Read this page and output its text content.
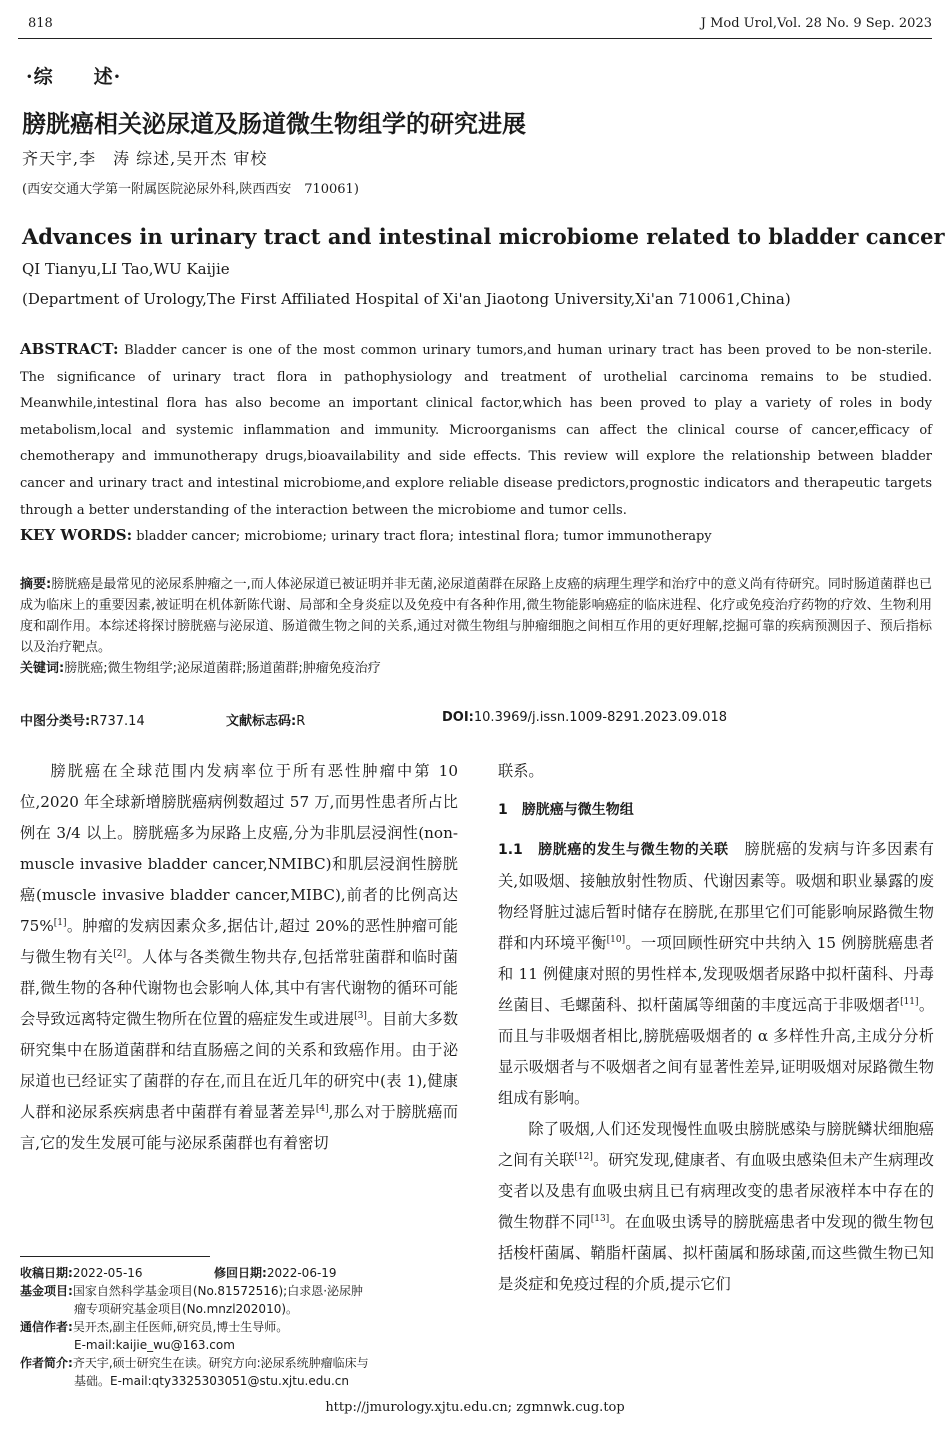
818	J Mod Urol,Vol. 28 No. 9 Sep. 2023
·综　　述·
膀胱癌相关泌尿道及肠道微生物组学的研究进展
齐天宇,李　涛 综述,吴开杰 审校
(西安交通大学第一附属医院泌尿外科,陕西西安　710061)
Advances in urinary tract and intestinal microbiome related to bladder cancer
QI Tianyu,LI Tao,WU Kaijie
(Department of Urology,The First Affiliated Hospital of Xi'an Jiaotong University,Xi'an 710061,China)
ABSTRACT: Bladder cancer is one of the most common urinary tumors,and human urinary tract has been proved to be non-sterile. The significance of urinary tract flora in pathophysiology and treatment of urothelial carcinoma remains to be studied. Meanwhile,intestinal flora has also become an important clinical factor,which has been proved to play a variety of roles in body metabolism,local and systemic inflammation and immunity. Microorganisms can affect the clinical course of cancer,efficacy of chemotherapy and immunotherapy drugs,bioavailability and side effects. This review will explore the relationship between bladder cancer and urinary tract and intestinal microbiome,and explore reliable disease predictors,prognostic indicators and therapeutic targets through a better understanding of the interaction between the microbiome and tumor cells.
KEY WORDS: bladder cancer; microbiome; urinary tract flora; intestinal flora; tumor immunotherapy
摘要:膀胱癌是最常见的泌尿系肿瘤之一,而人体泌尿道已被证明并非无菌,泌尿道菌群在尿路上皮癌的病理生理学和治疗中的意义尚有待研究。同时肠道菌群也已成为临床上的重要因素,被证明在机体新陈代谢、局部和全身炎症以及免疫中有各种作用,微生物能影响癌症的临床进程、化疗或免疫治疗药物的疗效、生物利用度和副作用。本综述将探讨膀胱癌与泌尿道、肠道微生物之间的关系,通过对微生物组与肿瘤细胞之间相互作用的更好理解,挖掘可靠的疾病预测因子、预后指标以及治疗靶点。
关键词:膀胱癌;微生物组学;泌尿道菌群;肠道菌群;肿瘤免疫治疗
中图分类号:R737.14	文献标志码:R	DOI:10.3969/j.issn.1009-8291.2023.09.018

膀胱癌在全球范围内发病率位于所有恶性肿瘤中第 10 位,2020 年全球新增膀胱癌病例数超过 57 万,而男性患者所占比例在 3/4 以上。膀胱癌多为尿路上皮癌,分为非肌层浸润性(non-muscle invasive bladder cancer,NMIBC)和肌层浸润性膀胱癌(muscle invasive bladder cancer,MIBC),前者的比例高达 75%[1]。肿瘤的发病因素众多,据估计,超过 20%的恶性肿瘤可能与微生物有关[2]。人体与各类微生物共存,包括常驻菌群和临时菌群,微生物的各种代谢物也会影响人体,其中有害代谢物的循环可能会导致远离特定微生物所在位置的癌症发生或进展[3]。目前大多数研究集中在肠道菌群和结直肠癌之间的关系和致癌作用。由于泌尿道也已经证实了菌群的存在,而且在近几年的研究中(表 1),健康人群和泌尿系疾病患者中菌群有着显著差异[4],那么对于膀胱癌而言,它的发生发展可能与泌尿系菌群也有着密切

收稿日期:2022-05-16	修回日期:2022-06-19
基金项目:国家自然科学基金项目(No.81572516);白求恩·泌尿肿
瘤专项研究基金项目(No.mnzl202010)。
通信作者:吴开杰,副主任医师,研究员,博士生导师。
E-mail:kaijie_wu@163.com
作者简介:齐天宇,硕士研究生在读。研究方向:泌尿系统肿瘤临床与
基础。E-mail:qty3325303051@stu.xjtu.edu.cn

联系。

1　膀胱癌与微生物组

1.1　膀胱癌的发生与微生物的关联　膀胱癌的发病与许多因素有关,如吸烟、接触放射性物质、代谢因素等。吸烟和职业暴露的废物经肾脏过滤后暂时储存在膀胱,在那里它们可能影响尿路微生物群和内环境平衡[10]。一项回顾性研究中共纳入 15 例膀胱癌患者和 11 例健康对照的男性样本,发现吸烟者尿路中拟杆菌科、丹毒丝菌目、毛螺菌科、拟杆菌属等细菌的丰度远高于非吸烟者[11]。而且与非吸烟者相比,膀胱癌吸烟者的 α 多样性升高,主成分分析显示吸烟者与不吸烟者之间有显著性差异,证明吸烟对尿路微生物组成有影响。

除了吸烟,人们还发现慢性血吸虫膀胱感染与膀胱鳞状细胞癌之间有关联[12]。研究发现,健康者、有血吸虫感染但未产生病理改变者以及患有血吸虫病且已有病理改变的患者尿液样本中存在的微生物群不同[13]。在血吸虫诱导的膀胱癌患者中发现的微生物包括梭杆菌属、鞘脂杆菌属、拟杆菌属和肠球菌,而这些微生物已知是炎症和免疫过程的介质,提示它们

http://jmurology.xjtu.edu.cn; zgmnwk.cug.top
